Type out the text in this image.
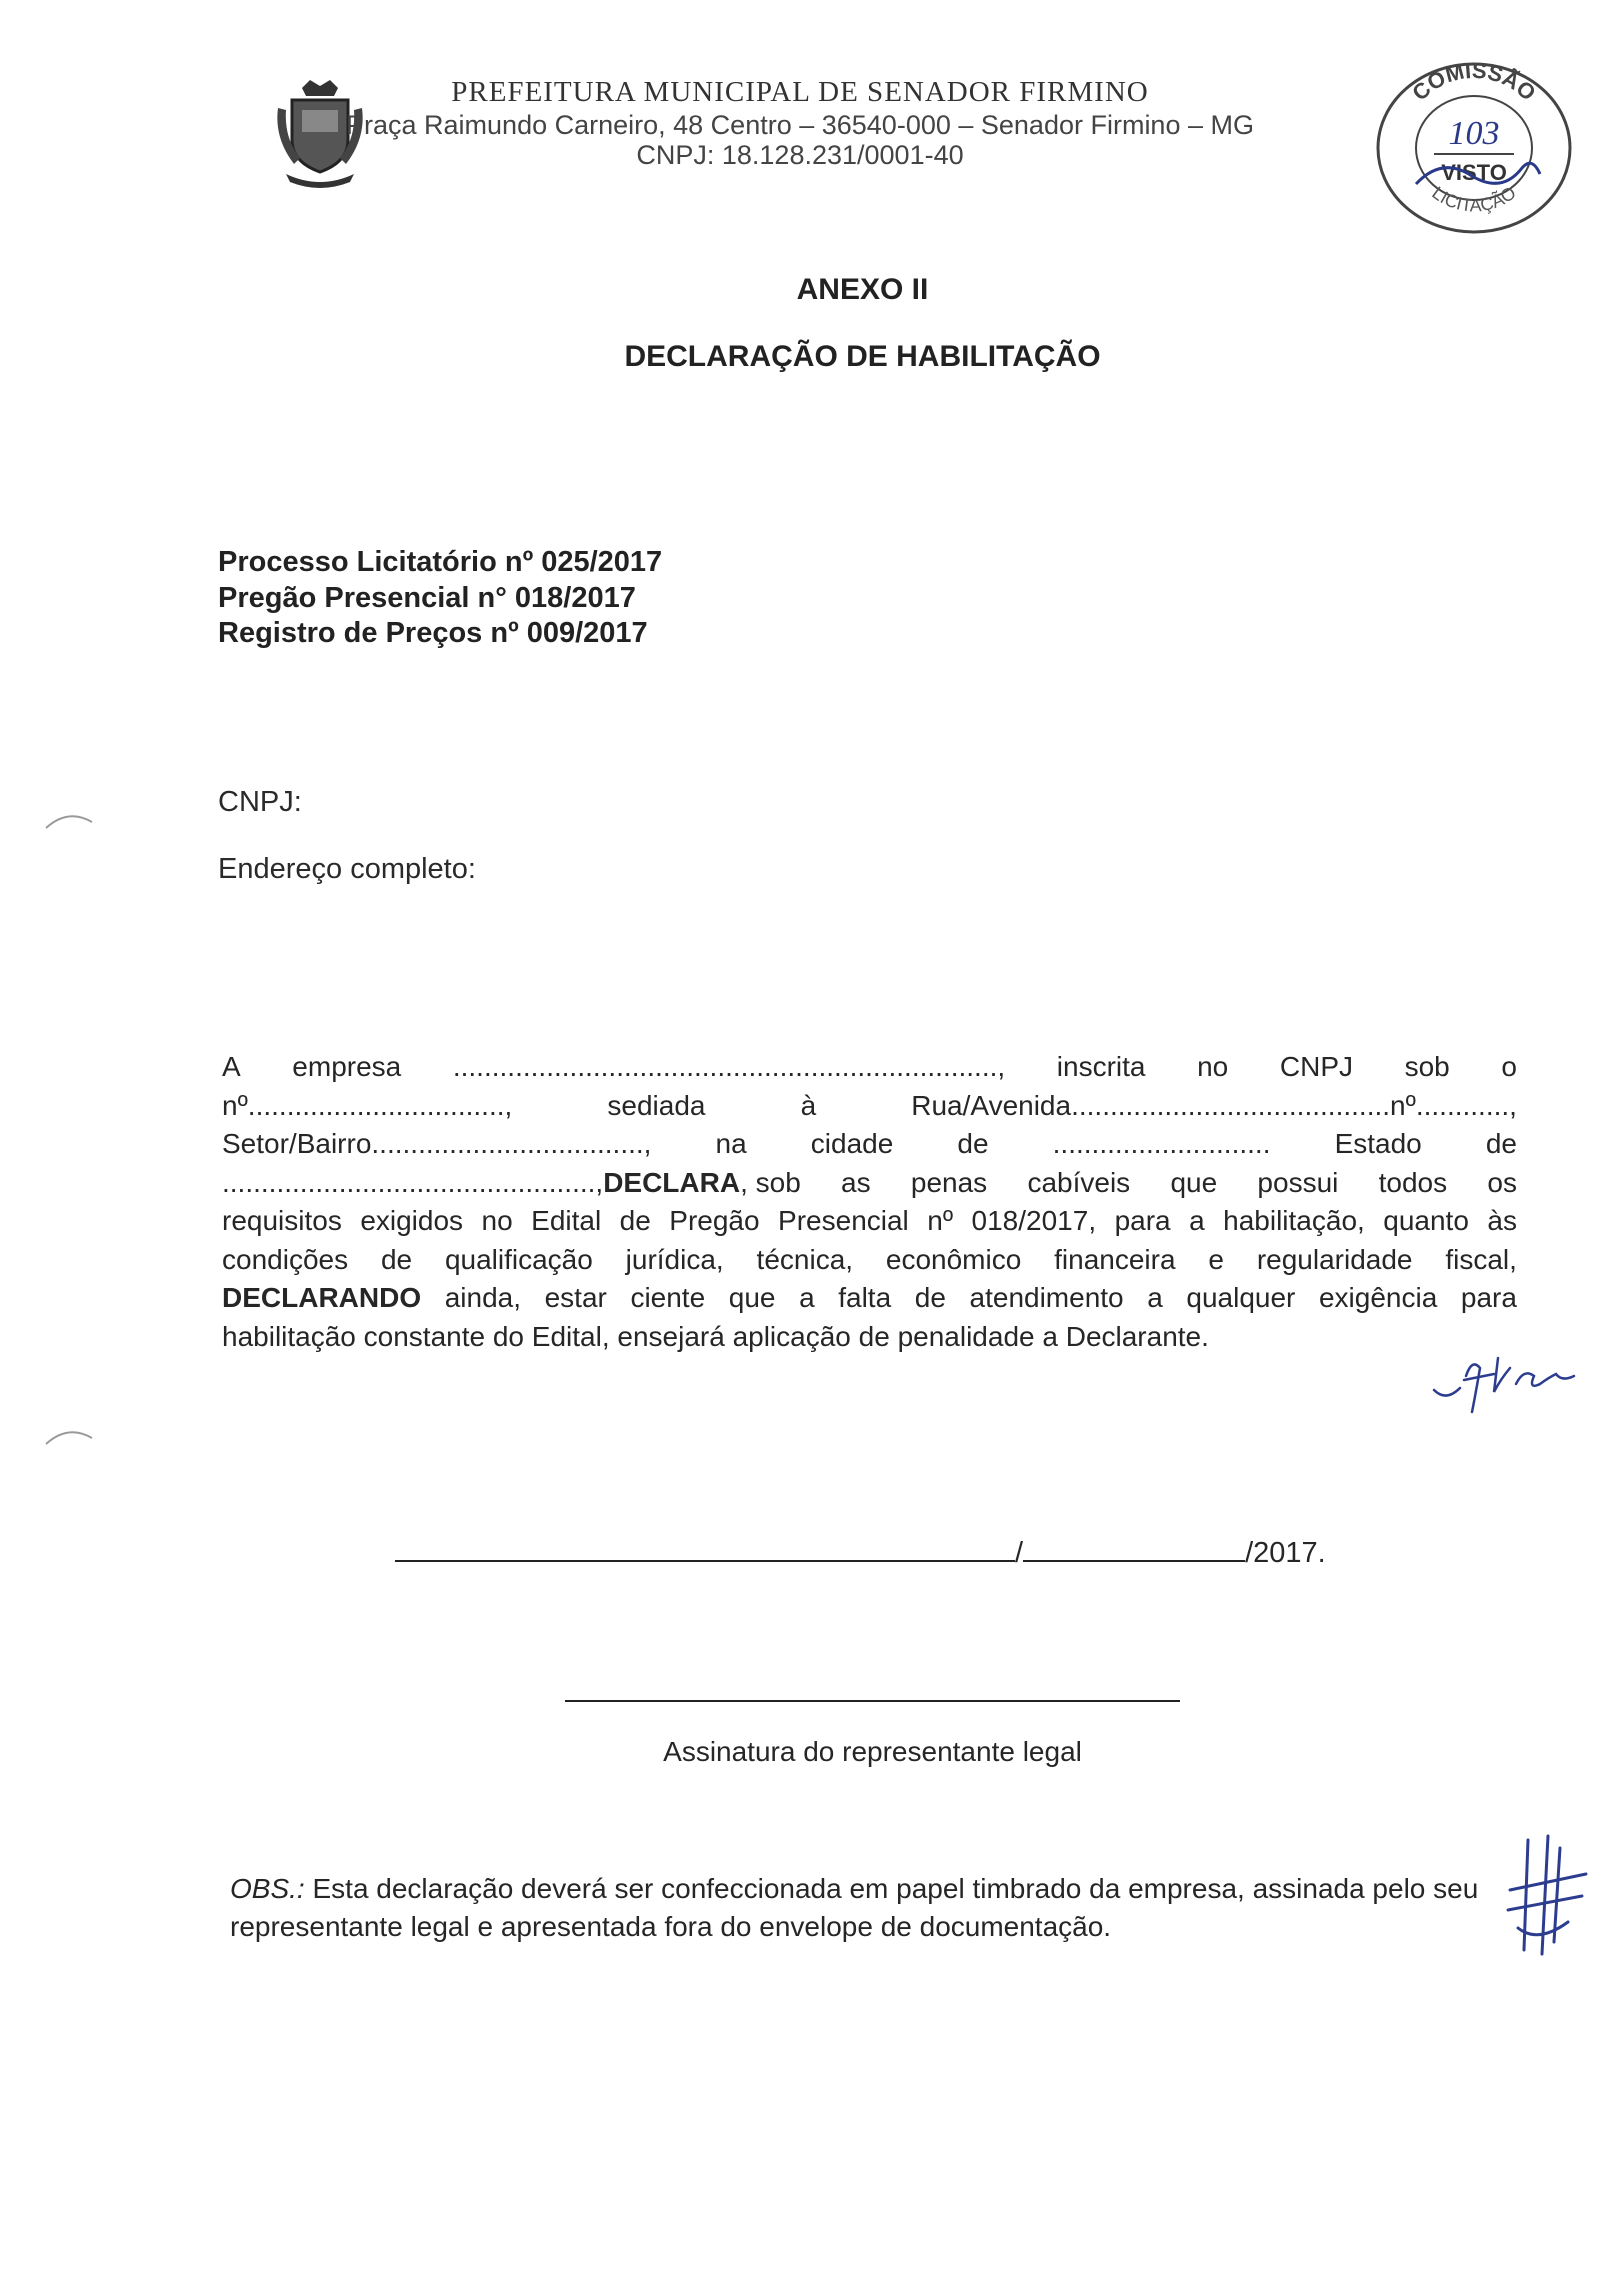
PREFEITURA MUNICIPAL DE SENADOR FIRMINO
Praça Raimundo Carneiro, 48 Centro – 36540-000 – Senador Firmino – MG
CNPJ: 18.128.231/0001-40
COMISSÃO
LICITAÇÃO
103
VISTO
ANEXO II
DECLARAÇÃO DE HABILITAÇÃO
Processo Licitatório nº 025/2017
Pregão Presencial n° 018/2017
Registro de Preços nº 009/2017
CNPJ:
Endereço completo:
A empresa ......................................................................, inscrita no CNPJ sob o
nº.................................,	sediada	à	Rua/Avenida.........................................nº............,
Setor/Bairro..................................., na cidade de ............................ Estado de
................................................,DECLARA, sob as penas cabíveis que possui todos os
requisitos exigidos no Edital de Pregão Presencial nº 018/2017, para a habilitação, quanto às
condições de qualificação jurídica, técnica, econômico financeira e regularidade fiscal,
DECLARANDO ainda, estar ciente que a falta de atendimento a qualquer exigência para
habilitação constante do Edital, ensejará aplicação de penalidade a Declarante.
/	/2017.
Assinatura do representante legal
OBS.: Esta declaração deverá ser confeccionada em papel timbrado da empresa, assinada pelo seu representante legal e apresentada fora do envelope de documentação.
